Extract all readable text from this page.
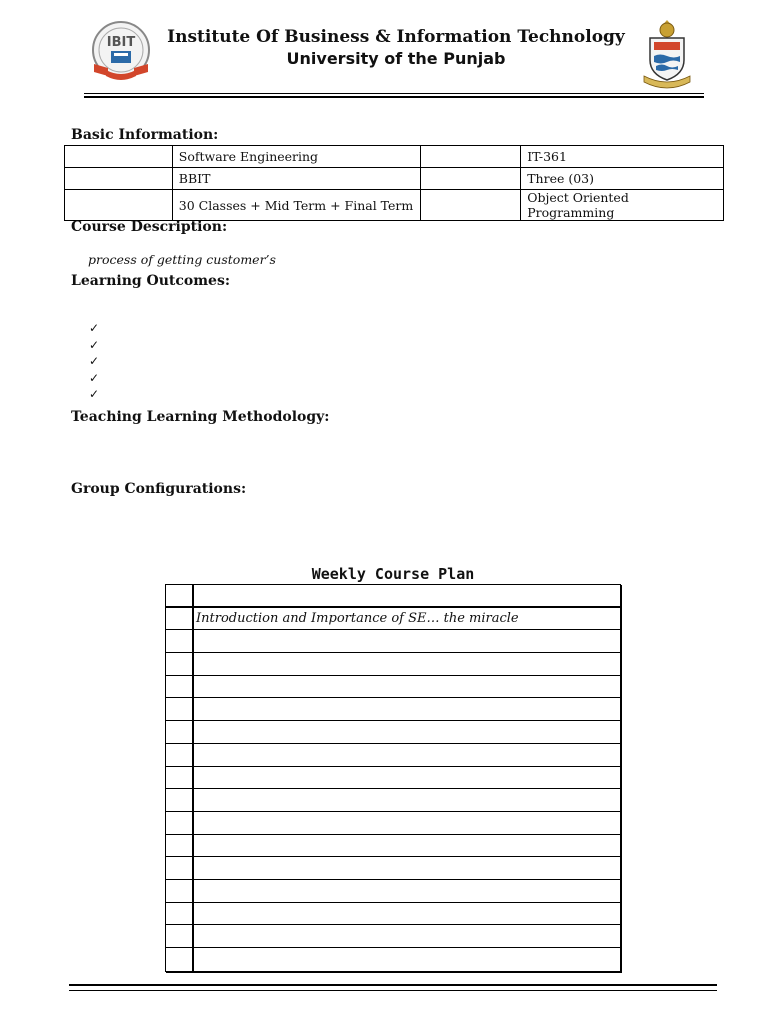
IBIT	Institute Of Business & Information Technology
University of the Punjab
Basic Information:
	Software Engineering		IT-361
	BBIT		Three (03)
	30 Classes + Mid Term + Final Term		Object Oriented Programming
Course Description:
process of getting customer’s
Learning Outcomes:
✓
✓
✓
✓
✓
Teaching Learning Methodology:
Group Configurations:
Weekly Course Plan
Introduction and Importance of SE… the miracle
